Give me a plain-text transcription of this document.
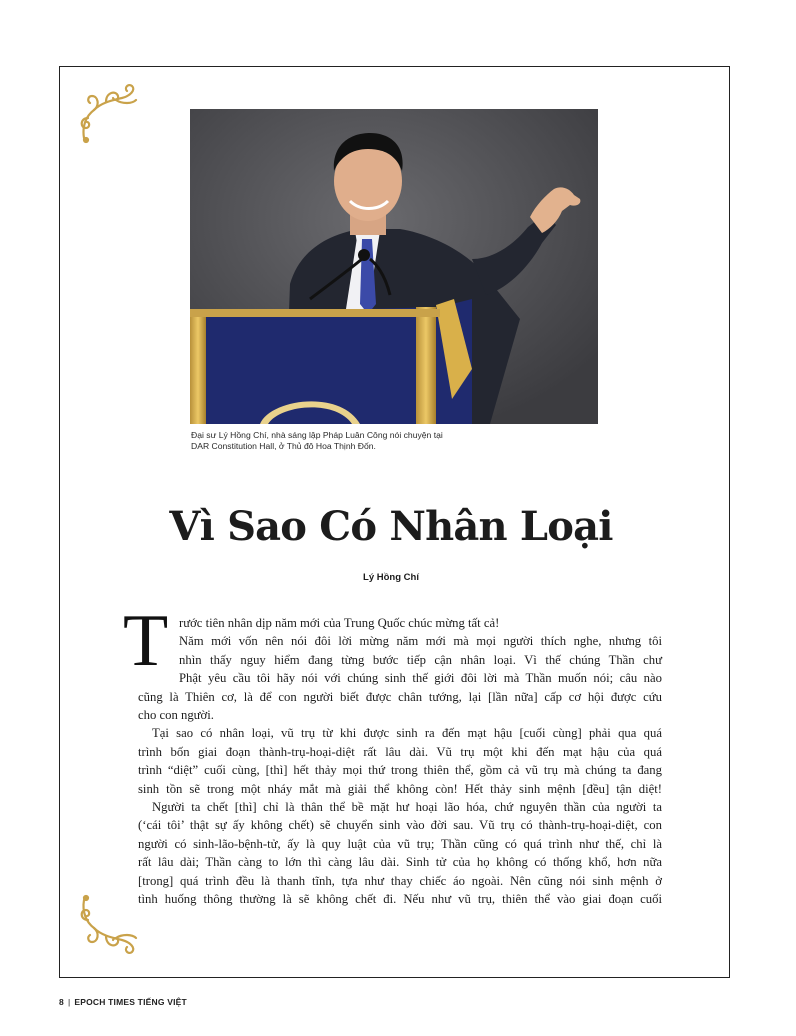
Đại sư Lý Hồng Chí, nhà sáng lập Pháp Luân Công nói chuyện tại
DAR Constitution Hall, ở Thủ đô Hoa Thịnh Đốn.
Vì Sao Có Nhân Loại
Lý Hồng Chí
T rước tiên nhân dịp năm mới của Trung Quốc chúc mừng tất cả!
Năm mới vốn nên nói đôi lời mừng năm mới mà mọi người thích nghe, nhưng tôi
nhìn thấy nguy hiểm đang từng bước tiếp cận nhân loại. Vì thế chúng Thần chư
Phật yêu cầu tôi hãy nói với chúng sinh thế giới đôi lời mà Thần muốn nói; câu nào
cũng là Thiên cơ, là để con người biết được chân tướng, lại [lần nữa] cấp cơ hội được cứu
cho con người.
Tại sao có nhân loại, vũ trụ từ khi được sinh ra đến mạt hậu [cuối cùng] phải qua quá
trình bốn giai đoạn thành-trụ-hoại-diệt rất lâu dài. Vũ trụ một khi đến mạt hậu của quá
trình “diệt” cuối cùng, [thì] hết thảy mọi thứ trong thiên thể, gồm cả vũ trụ mà chúng ta đang
sinh tồn sẽ trong một nháy mắt mà giải thể không còn! Hết thảy sinh mệnh [đều] tận diệt!
Người ta chết [thì] chỉ là thân thể bề mặt hư hoại lão hóa, chứ nguyên thần của người ta
(‘cái tôi’ thật sự ấy không chết) sẽ chuyển sinh vào đời sau. Vũ trụ có thành-trụ-hoại-diệt, con
người có sinh-lão-bệnh-tử, ấy là quy luật của vũ trụ; Thần cũng có quá trình như thế, chỉ là
rất lâu dài; Thần càng to lớn thì càng lâu dài. Sinh tử của họ không có thống khổ, hơn nữa
[trong] quá trình đều là thanh tĩnh, tựa như thay chiếc áo ngoài. Nên cũng nói sinh mệnh ở
tình huống thông thường là sẽ không chết đi. Nếu như vũ trụ, thiên thể vào giai đoạn cuối
8 | EPOCH TIMES TIẾNG VIỆT
